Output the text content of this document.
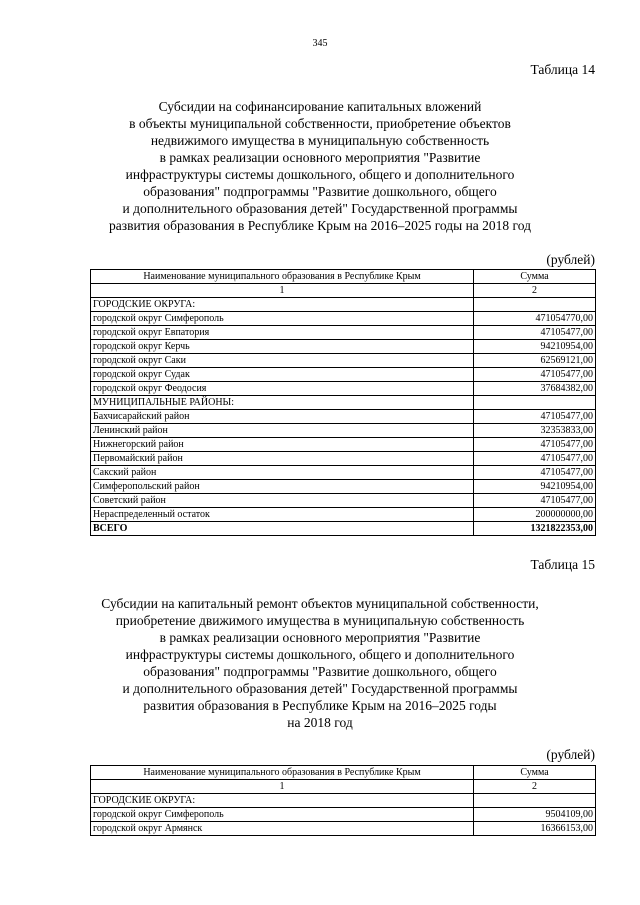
345
Таблица 14
Субсидии на софинансирование капитальных вложений
в объекты муниципальной собственности, приобретение объектов
недвижимого имущества в муниципальную собственность
в рамках реализации основного мероприятия "Развитие
инфраструктуры системы дошкольного, общего и дополнительного
образования" подпрограммы "Развитие дошкольного, общего
и дополнительного образования детей" Государственной программы
развития образования в Республике Крым на 2016–2025 годы на 2018 год
(рублей)
Наименование муниципального образования в Республике Крым	Сумма
1	2
ГОРОДСКИЕ ОКРУГА:	
городской округ Симферополь	471054770,00
городской округ Евпатория	47105477,00
городской округ Керчь	94210954,00
городской округ Саки	62569121,00
городской округ Судак	47105477,00
городской округ Феодосия	37684382,00
МУНИЦИПАЛЬНЫЕ РАЙОНЫ:	
Бахчисарайский район	47105477,00
Ленинский район	32353833,00
Нижнегорский район	47105477,00
Первомайский район	47105477,00
Сакский район	47105477,00
Симферопольский район	94210954,00
Советский район	47105477,00
Нераспределенный остаток	200000000,00
ВСЕГО	1321822353,00
Таблица 15
Субсидии на капитальный ремонт объектов муниципальной собственности,
приобретение движимого имущества в муниципальную собственность
в рамках реализации основного мероприятия "Развитие
инфраструктуры системы дошкольного, общего и дополнительного
образования" подпрограммы "Развитие дошкольного, общего
и дополнительного образования детей" Государственной программы
развития образования в Республике Крым на 2016–2025 годы
на 2018 год
(рублей)
Наименование муниципального образования в Республике Крым	Сумма
1	2
ГОРОДСКИЕ ОКРУГА:	
городской округ Симферополь	9504109,00
городской округ Армянск	16366153,00
